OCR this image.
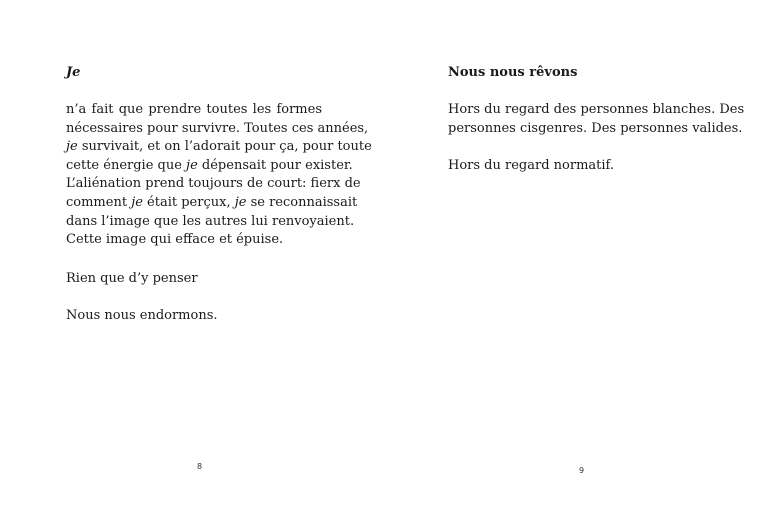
Je

n’a fait que prendre toutes les formes
nécessaires pour survivre. Toutes ces années,
je survivait, et on l’adorait pour ça, pour toute
cette énergie que je dépensait pour exister.
L’aliénation prend toujours de court: fierx de
comment je était perçux, je se reconnaissait
dans l’image que les autres lui renvoyaient.
Cette image qui efface et épuise.

Rien que d’y penser

Nous nous endormons.

8
Nous nous rêvons

Hors du regard des personnes blanches. Des
personnes cisgenres. Des personnes valides.

Hors du regard normatif.

9
